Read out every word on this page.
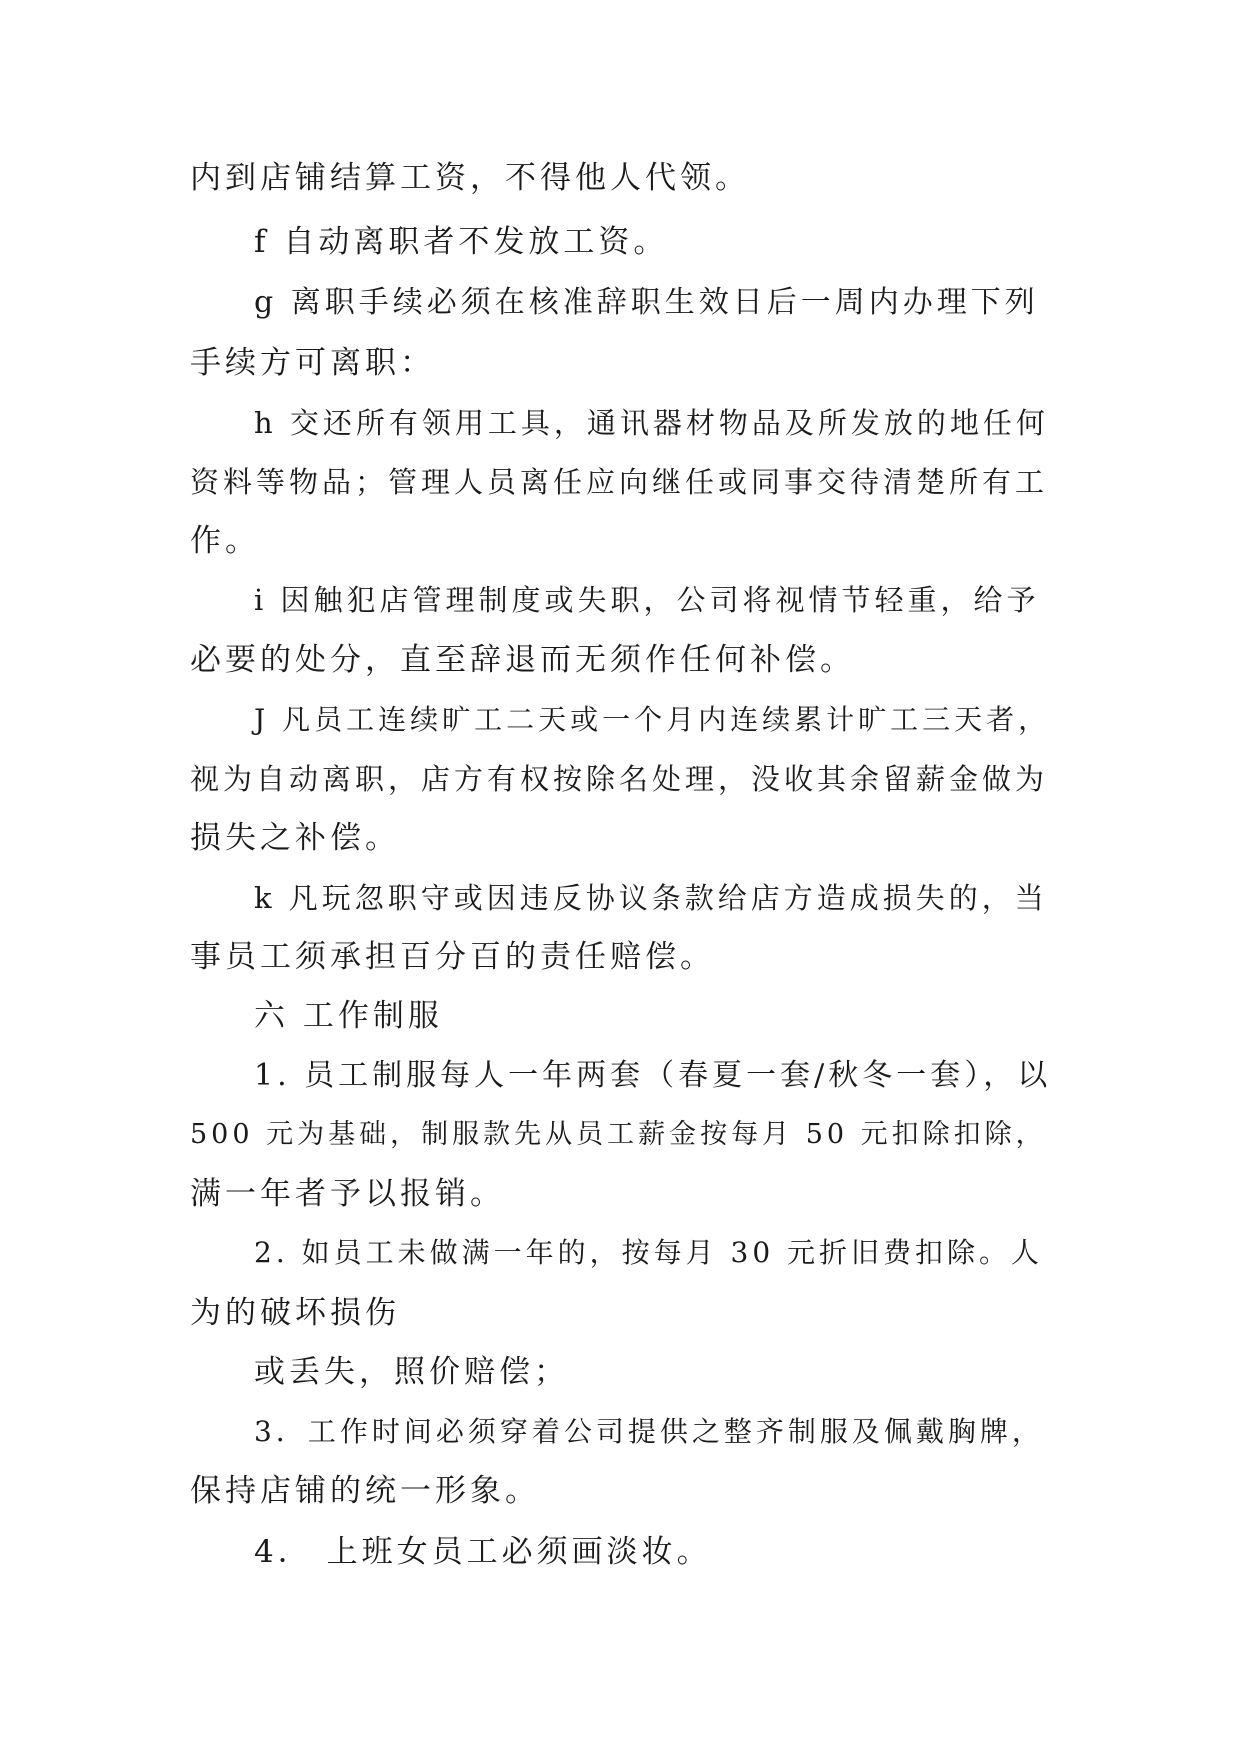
内到店铺结算工资，不得他人代领。
f 自动离职者不发放工资。
g 离职手续必须在核准辞职生效日后一周内办理下列
手续方可离职：
h 交还所有领用工具，通讯器材物品及所发放的地任何
资料等物品；管理人员离任应向继任或同事交待清楚所有工
作。
i 因触犯店管理制度或失职，公司将视情节轻重，给予
必要的处分，直至辞退而无须作任何补偿。
J 凡员工连续旷工二天或一个月内连续累计旷工三天者，
视为自动离职，店方有权按除名处理，没收其余留薪金做为
损失之补偿。
k 凡玩忽职守或因违反协议条款给店方造成损失的，当
事员工须承担百分百的责任赔偿。
六 工作制服
1. 员工制服每人一年两套（春夏一套/秋冬一套），以
500 元为基础，制服款先从员工薪金按每月 50 元扣除扣除，
满一年者予以报销。
2. 如员工未做满一年的，按每月 30 元折旧费扣除。人
为的破坏损伤
或丢失，照价赔偿；
3．工作时间必须穿着公司提供之整齐制服及佩戴胸牌，
保持店铺的统一形象。
4． 上班女员工必须画淡妆。
